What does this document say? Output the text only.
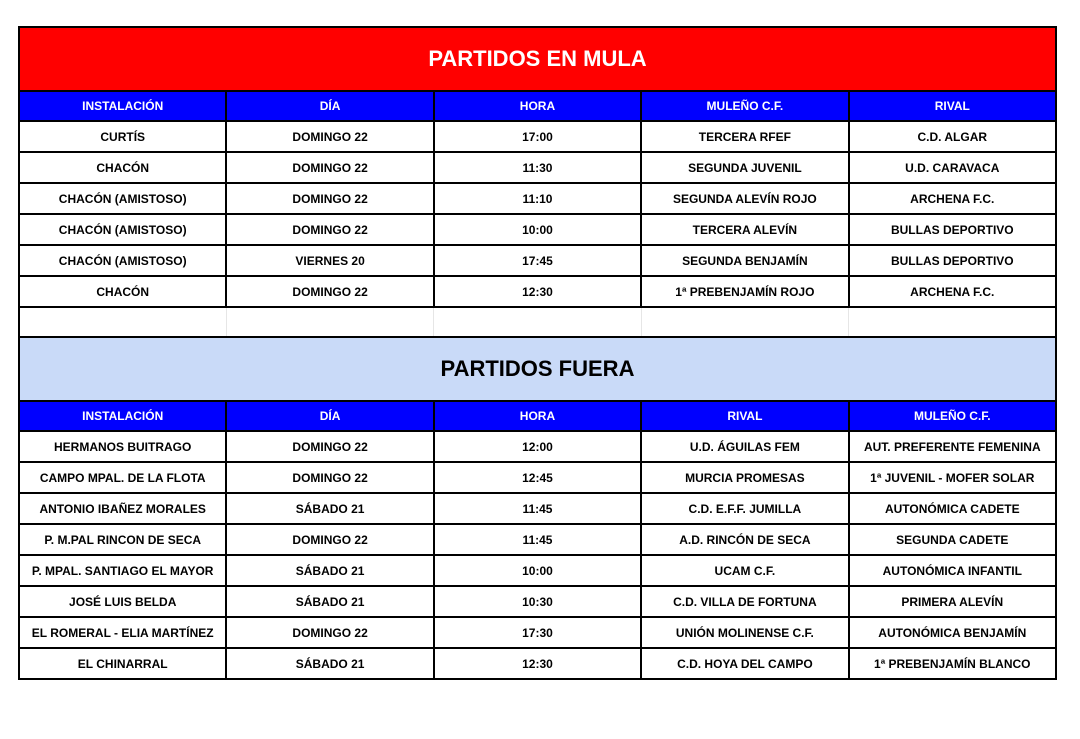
PARTIDOS EN MULA				
INSTALACIÓN	DÍA	HORA	MULEÑO C.F.	RIVAL
CURTÍS	DOMINGO 22	17:00	TERCERA RFEF	C.D. ALGAR
CHACÓN	DOMINGO 22	11:30	SEGUNDA JUVENIL	U.D. CARAVACA
CHACÓN (AMISTOSO)	DOMINGO 22	11:10	SEGUNDA ALEVÍN ROJO	ARCHENA F.C.
CHACÓN (AMISTOSO)	DOMINGO 22	10:00	TERCERA ALEVÍN	BULLAS DEPORTIVO
CHACÓN (AMISTOSO)	VIERNES 20	17:45	SEGUNDA BENJAMÍN	BULLAS DEPORTIVO
CHACÓN	DOMINGO 22	12:30	1ª PREBENJAMÍN ROJO	ARCHENA F.C.

PARTIDOS FUERA				
INSTALACIÓN	DÍA	HORA	RIVAL	MULEÑO C.F.
HERMANOS BUITRAGO	DOMINGO 22	12:00	U.D. ÁGUILAS FEM	AUT. PREFERENTE FEMENINA
CAMPO MPAL. DE LA FLOTA	DOMINGO 22	12:45	MURCIA PROMESAS	1ª JUVENIL - MOFER SOLAR
ANTONIO IBAÑEZ MORALES	SÁBADO 21	11:45	C.D. E.F.F. JUMILLA	AUTONÓMICA CADETE
P. M.PAL RINCON DE SECA	DOMINGO 22	11:45	A.D. RINCÓN DE SECA	SEGUNDA CADETE
P. MPAL. SANTIAGO EL MAYOR	SÁBADO 21	10:00	UCAM C.F.	AUTONÓMICA INFANTIL
JOSÉ LUIS BELDA	SÁBADO 21	10:30	C.D. VILLA DE FORTUNA	PRIMERA ALEVÍN
EL ROMERAL - ELIA MARTÍNEZ	DOMINGO 22	17:30	UNIÓN MOLINENSE C.F.	AUTONÓMICA BENJAMÍN
EL CHINARRAL	SÁBADO 21	12:30	C.D. HOYA DEL CAMPO	1ª PREBENJAMÍN BLANCO
